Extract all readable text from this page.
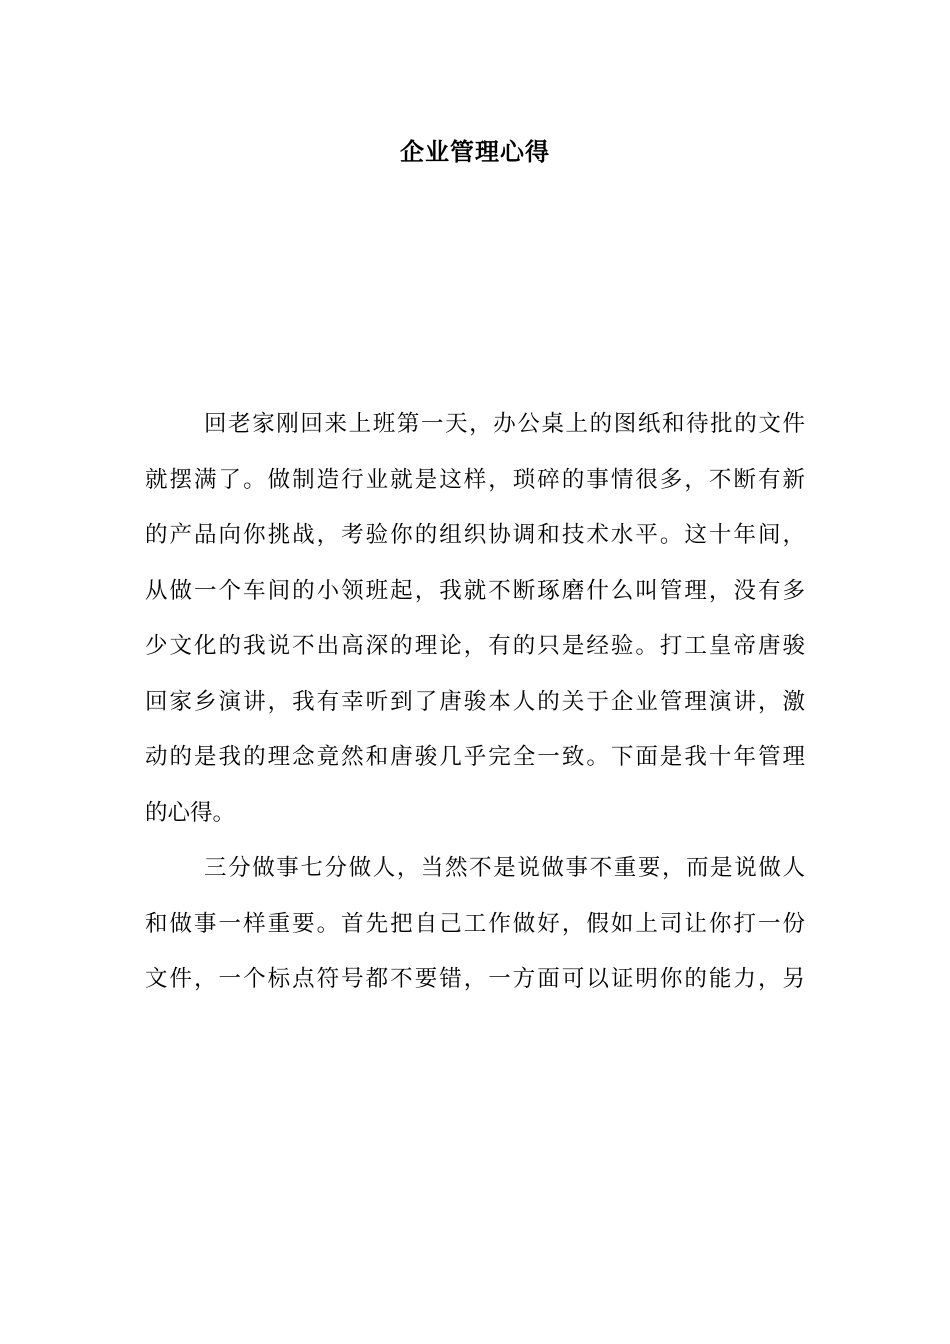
企业管理心得
回老家刚回来上班第一天，办公桌上的图纸和待批的文件
就摆满了。做制造行业就是这样，琐碎的事情很多，不断有新
的产品向你挑战，考验你的组织协调和技术水平。这十年间，
从做一个车间的小领班起，我就不断琢磨什么叫管理，没有多
少文化的我说不出高深的理论，有的只是经验。打工皇帝唐骏
回家乡演讲，我有幸听到了唐骏本人的关于企业管理演讲，激
动的是我的理念竟然和唐骏几乎完全一致。下面是我十年管理
的心得。
三分做事七分做人，当然不是说做事不重要，而是说做人
和做事一样重要。首先把自己工作做好，假如上司让你打一份
文件，一个标点符号都不要错，一方面可以证明你的能力，另
